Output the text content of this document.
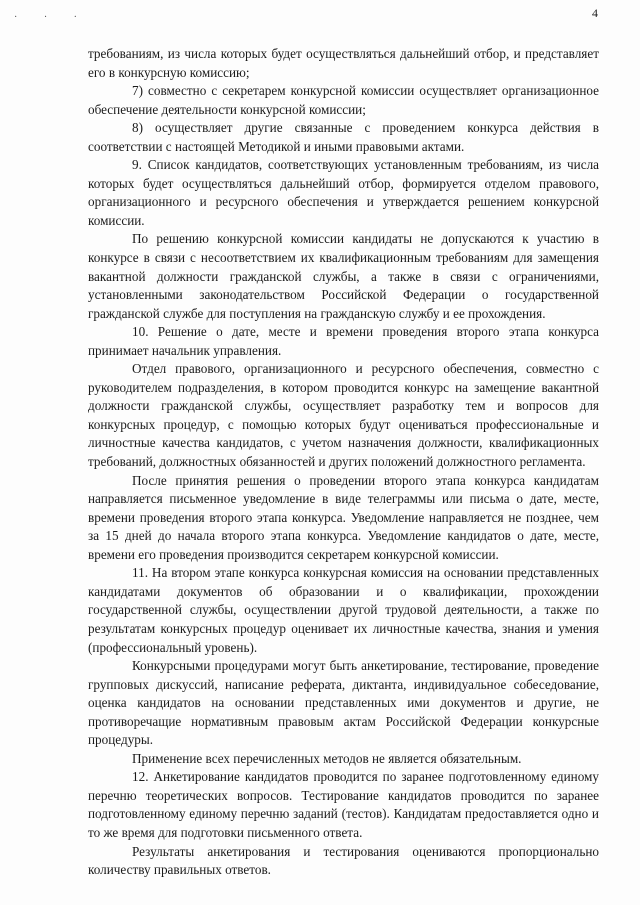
· · ·	4

требованиям, из числа которых будет осуществляться дальнейший отбор, и представляет его в конкурсную комиссию;

7) совместно с секретарем конкурсной комиссии осуществляет организационное обеспечение деятельности конкурсной комиссии;

8) осуществляет другие связанные с проведением конкурса действия в соответствии с настоящей Методикой и иными правовыми актами.

9. Список кандидатов, соответствующих установленным требованиям, из числа которых будет осуществляться дальнейший отбор, формируется отделом правового, организационного и ресурсного обеспечения и утверждается решением конкурсной комиссии.

По решению конкурсной комиссии кандидаты не допускаются к участию в конкурсе в связи с несоответствием их квалификационным требованиям для замещения вакантной должности гражданской службы, а также в связи с ограничениями, установленными законодательством Российской Федерации о государственной гражданской службе для поступления на гражданскую службу и ее прохождения.

10. Решение о дате, месте и времени проведения второго этапа конкурса принимает начальник управления.

Отдел правового, организационного и ресурсного обеспечения, совместно с руководителем подразделения, в котором проводится конкурс на замещение вакантной должности гражданской службы, осуществляет разработку тем и вопросов для конкурсных процедур, с помощью которых будут оцениваться профессиональные и личностные качества кандидатов, с учетом назначения должности, квалификационных требований, должностных обязанностей и других положений должностного регламента.

После принятия решения о проведении второго этапа конкурса кандидатам направляется письменное уведомление в виде телеграммы или письма о дате, месте, времени проведения второго этапа конкурса. Уведомление направляется не позднее, чем за 15 дней до начала второго этапа конкурса. Уведомление кандидатов о дате, месте, времени его проведения производится секретарем конкурсной комиссии.

11. На втором этапе конкурса конкурсная комиссия на основании представленных кандидатами документов об образовании и о квалификации, прохождении государственной службы, осуществлении другой трудовой деятельности, а также по результатам конкурсных процедур оценивает их личностные качества, знания и умения (профессиональный уровень).

Конкурсными процедурами могут быть анкетирование, тестирование, проведение групповых дискуссий, написание реферата, диктанта, индивидуальное собеседование, оценка кандидатов на основании представленных ими документов и другие, не противоречащие нормативным правовым актам Российской Федерации конкурсные процедуры.

Применение всех перечисленных методов не является обязательным.

12. Анкетирование кандидатов проводится по заранее подготовленному единому перечню теоретических вопросов. Тестирование кандидатов проводится по заранее подготовленному единому перечню заданий (тестов). Кандидатам предоставляется одно и то же время для подготовки письменного ответа.

Результаты анкетирования и тестирования оцениваются пропорционально количеству правильных ответов.
